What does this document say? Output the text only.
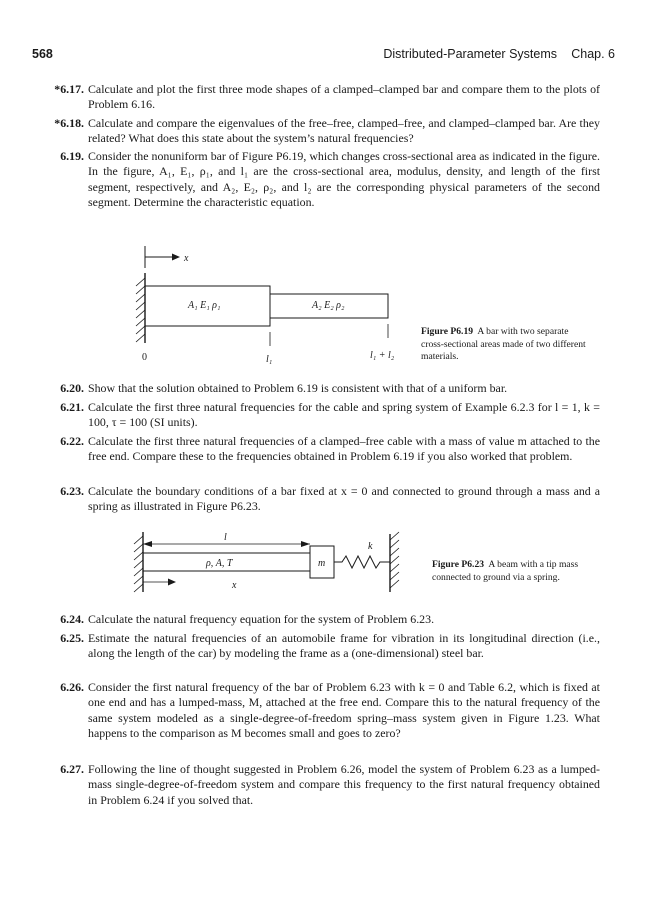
568	Distributed-Parameter Systems Chap. 6
*6.17. Calculate and plot the first three mode shapes of a clamped–clamped bar and compare them to the plots of Problem 6.16.
*6.18. Calculate and compare the eigenvalues of the free–free, clamped–free, and clamped–clamped bar. Are they related? What does this state about the system’s natural frequencies?
6.19. Consider the nonuniform bar of Figure P6.19, which changes cross-sectional area as indicated in the figure. In the figure, A₁, E₁, ρ₁, and l₁ are the cross-sectional area, modulus, density, and length of the first segment, respectively, and A₂, E₂, ρ₂, and l₂ are the corresponding physical parameters of the second segment. Determine the characteristic equation.
x
A₁ E₁ ρ₁	A₂ E₂ ρ₂
0	l₁	l₁ + l₂
Figure P6.19 A bar with two separate cross-sectional areas made of two different materials.
6.20. Show that the solution obtained to Problem 6.19 is consistent with that of a uniform bar.
6.21. Calculate the first three natural frequencies for the cable and spring system of Example 6.2.3 for l = 1, k = 100, τ = 100 (SI units).
6.22. Calculate the first three natural frequencies of a clamped–free cable with a mass of value m attached to the free end. Compare these to the frequencies obtained in Problem 6.19 if you also worked that problem.
6.23. Calculate the boundary conditions of a bar fixed at x = 0 and connected to ground through a mass and a spring as illustrated in Figure P6.23.
l
ρ, A, T	m
k
x
Figure P6.23 A beam with a tip mass connected to ground via a spring.
6.24. Calculate the natural frequency equation for the system of Problem 6.23.
6.25. Estimate the natural frequencies of an automobile frame for vibration in its longitudinal direction (i.e., along the length of the car) by modeling the frame as a (one-dimensional) steel bar.
6.26. Consider the first natural frequency of the bar of Problem 6.23 with k = 0 and Table 6.2, which is fixed at one end and has a lumped-mass, M, attached at the free end. Compare this to the natural frequency of the same system modeled as a single-degree-of-freedom spring–mass system given in Figure 1.23. What happens to the comparison as M becomes small and goes to zero?
6.27. Following the line of thought suggested in Problem 6.26, model the system of Problem 6.23 as a lumped-mass single-degree-of-freedom system and compare this frequency to the first natural frequency obtained in Problem 6.24 if you solved that.
